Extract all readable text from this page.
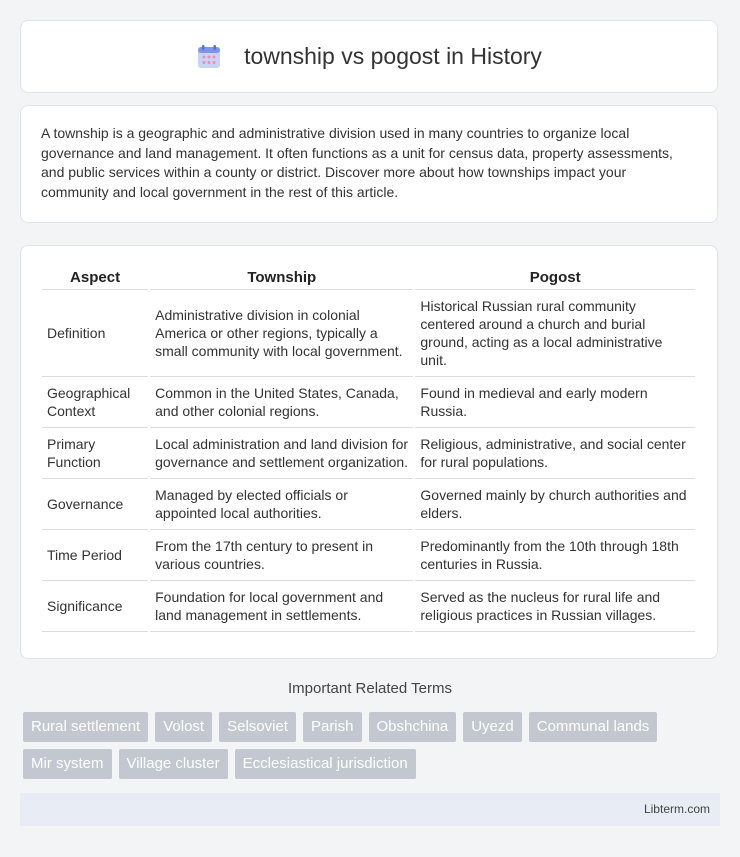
township vs pogost in History

A township is a geographic and administrative division used in many countries to organize local governance and land management. It often functions as a unit for census data, property assessments, and public services within a county or district. Discover more about how townships impact your community and local government in the rest of this article.

Aspect	Township	Pogost
Definition	Administrative division in colonial America or other regions, typically a small community with local government.	Historical Russian rural community centered around a church and burial ground, acting as a local administrative unit.
Geographical Context	Common in the United States, Canada, and other colonial regions.	Found in medieval and early modern Russia.
Primary Function	Local administration and land division for governance and settlement organization.	Religious, administrative, and social center for rural populations.
Governance	Managed by elected officials or appointed local authorities.	Governed mainly by church authorities and elders.
Time Period	From the 17th century to present in various countries.	Predominantly from the 10th through 18th centuries in Russia.
Significance	Foundation for local government and land management in settlements.	Served as the nucleus for rural life and religious practices in Russian villages.
Important Related Terms
Rural settlement	Volost	Selsoviet	Parish	Obshchina	Uyezd	Communal lands
Mir system	Village cluster	Ecclesiastical jurisdiction
Libterm.com
